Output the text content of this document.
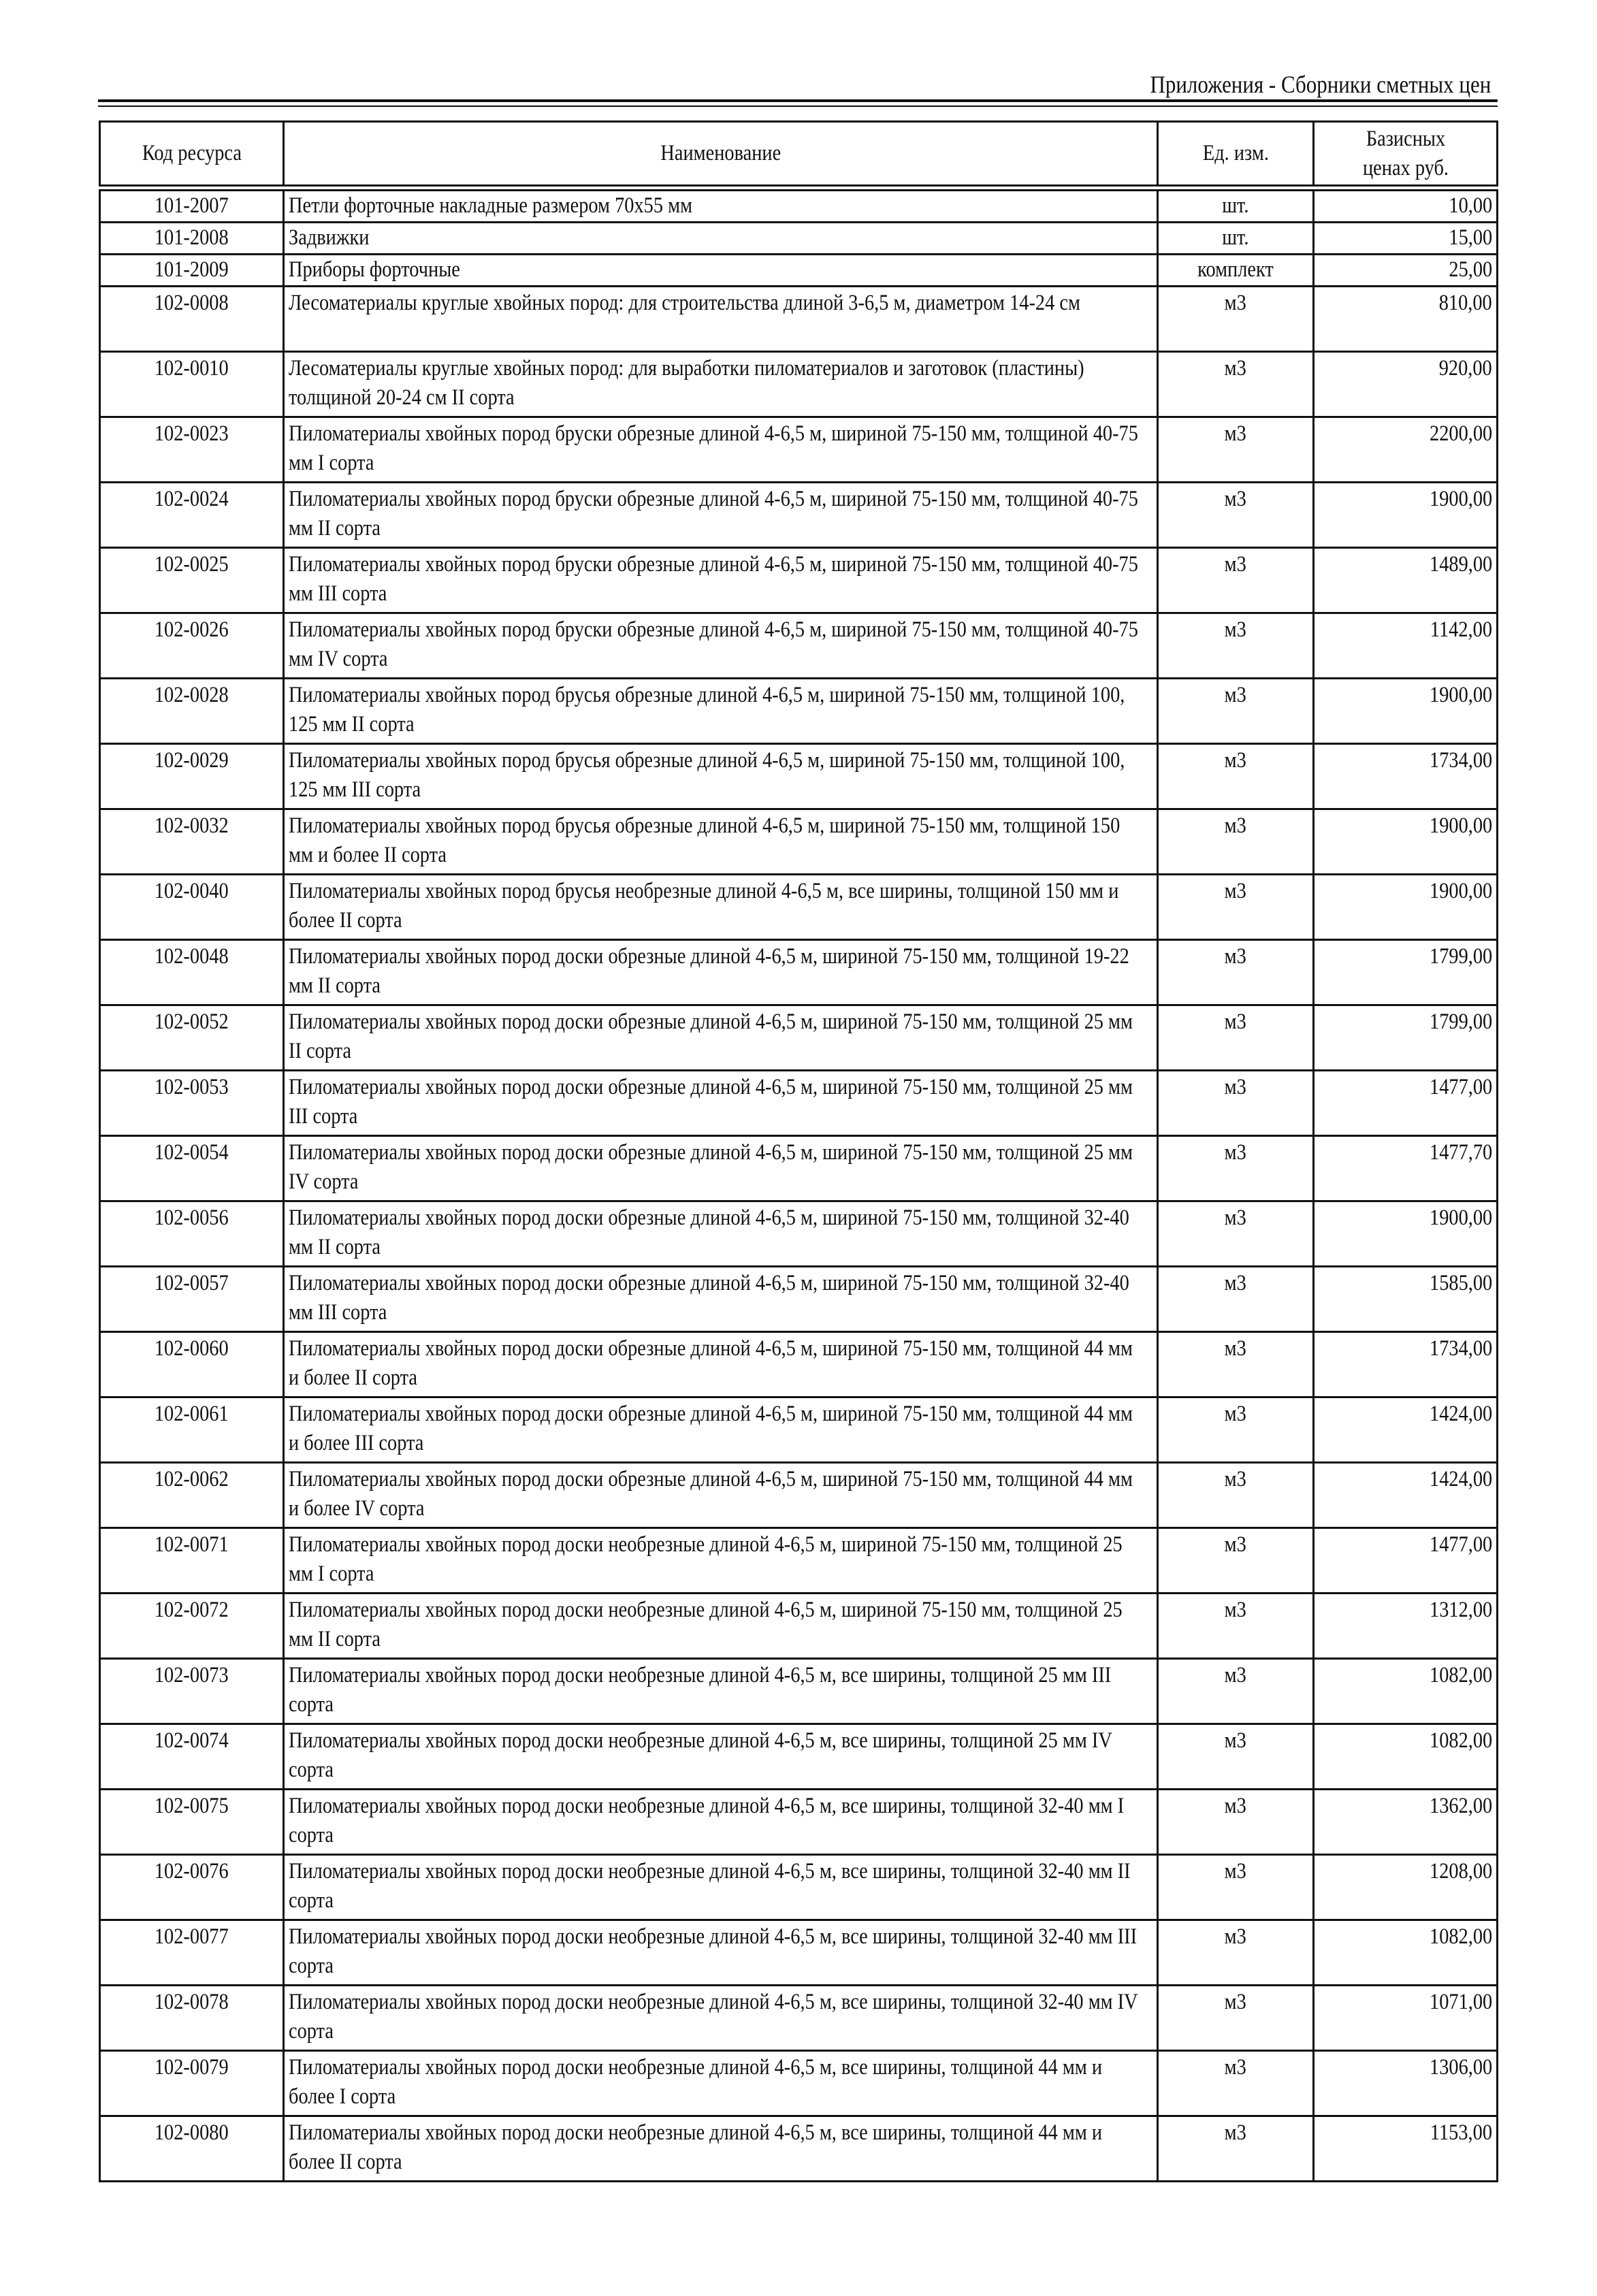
Приложения - Сборники сметных цен
Код ресурса	Наименование	Ед. изм.	Базисных ценах руб.
101-2007	Петли форточные накладные размером 70x55 мм	шт.	10,00
101-2008	Задвижки	шт.	15,00
101-2009	Приборы форточные	комплект	25,00
102-0008	Лесоматериалы круглые хвойных пород: для строительства длиной 3-6,5 м, диаметром 14-24 см	м3	810,00
102-0010	Лесоматериалы круглые хвойных пород: для выработки пиломатериалов и заготовок (пластины) толщиной 20-24 см II сорта	м3	920,00
102-0023	Пиломатериалы хвойных пород бруски обрезные длиной 4-6,5 м, шириной 75-150 мм, толщиной 40-75 мм I сорта	м3	2200,00
102-0024	Пиломатериалы хвойных пород бруски обрезные длиной 4-6,5 м, шириной 75-150 мм, толщиной 40-75 мм II сорта	м3	1900,00
102-0025	Пиломатериалы хвойных пород бруски обрезные длиной 4-6,5 м, шириной 75-150 мм, толщиной 40-75 мм III сорта	м3	1489,00
102-0026	Пиломатериалы хвойных пород бруски обрезные длиной 4-6,5 м, шириной 75-150 мм, толщиной 40-75 мм IV сорта	м3	1142,00
102-0028	Пиломатериалы хвойных пород брусья обрезные длиной 4-6,5 м, шириной 75-150 мм, толщиной 100, 125 мм II сорта	м3	1900,00
102-0029	Пиломатериалы хвойных пород брусья обрезные длиной 4-6,5 м, шириной 75-150 мм, толщиной 100, 125 мм III сорта	м3	1734,00
102-0032	Пиломатериалы хвойных пород брусья обрезные длиной 4-6,5 м, шириной 75-150 мм, толщиной 150 мм и более II сорта	м3	1900,00
102-0040	Пиломатериалы хвойных пород брусья необрезные длиной 4-6,5 м, все ширины, толщиной 150 мм и более II сорта	м3	1900,00
102-0048	Пиломатериалы хвойных пород доски обрезные длиной 4-6,5 м, шириной 75-150 мм, толщиной 19-22 мм II сорта	м3	1799,00
102-0052	Пиломатериалы хвойных пород доски обрезные длиной 4-6,5 м, шириной 75-150 мм, толщиной 25 мм II сорта	м3	1799,00
102-0053	Пиломатериалы хвойных пород доски обрезные длиной 4-6,5 м, шириной 75-150 мм, толщиной 25 мм III сорта	м3	1477,00
102-0054	Пиломатериалы хвойных пород доски обрезные длиной 4-6,5 м, шириной 75-150 мм, толщиной 25 мм IV сорта	м3	1477,70
102-0056	Пиломатериалы хвойных пород доски обрезные длиной 4-6,5 м, шириной 75-150 мм, толщиной 32-40 мм II сорта	м3	1900,00
102-0057	Пиломатериалы хвойных пород доски обрезные длиной 4-6,5 м, шириной 75-150 мм, толщиной 32-40 мм III сорта	м3	1585,00
102-0060	Пиломатериалы хвойных пород доски обрезные длиной 4-6,5 м, шириной 75-150 мм, толщиной 44 мм и более II сорта	м3	1734,00
102-0061	Пиломатериалы хвойных пород доски обрезные длиной 4-6,5 м, шириной 75-150 мм, толщиной 44 мм и более III сорта	м3	1424,00
102-0062	Пиломатериалы хвойных пород доски обрезные длиной 4-6,5 м, шириной 75-150 мм, толщиной 44 мм и более IV сорта	м3	1424,00
102-0071	Пиломатериалы хвойных пород доски необрезные длиной 4-6,5 м, шириной 75-150 мм, толщиной 25 мм I сорта	м3	1477,00
102-0072	Пиломатериалы хвойных пород доски необрезные длиной 4-6,5 м, шириной 75-150 мм, толщиной 25 мм II сорта	м3	1312,00
102-0073	Пиломатериалы хвойных пород доски необрезные длиной 4-6,5 м, все ширины, толщиной 25 мм III сорта	м3	1082,00
102-0074	Пиломатериалы хвойных пород доски необрезные длиной 4-6,5 м, все ширины, толщиной 25 мм IV сорта	м3	1082,00
102-0075	Пиломатериалы хвойных пород доски необрезные длиной 4-6,5 м, все ширины, толщиной 32-40 мм I сорта	м3	1362,00
102-0076	Пиломатериалы хвойных пород доски необрезные длиной 4-6,5 м, все ширины, толщиной 32-40 мм II сорта	м3	1208,00
102-0077	Пиломатериалы хвойных пород доски необрезные длиной 4-6,5 м, все ширины, толщиной 32-40 мм III сорта	м3	1082,00
102-0078	Пиломатериалы хвойных пород доски необрезные длиной 4-6,5 м, все ширины, толщиной 32-40 мм IV сорта	м3	1071,00
102-0079	Пиломатериалы хвойных пород доски необрезные длиной 4-6,5 м, все ширины, толщиной 44 мм и более I сорта	м3	1306,00
102-0080	Пиломатериалы хвойных пород доски необрезные длиной 4-6,5 м, все ширины, толщиной 44 мм и более II сорта	м3	1153,00
